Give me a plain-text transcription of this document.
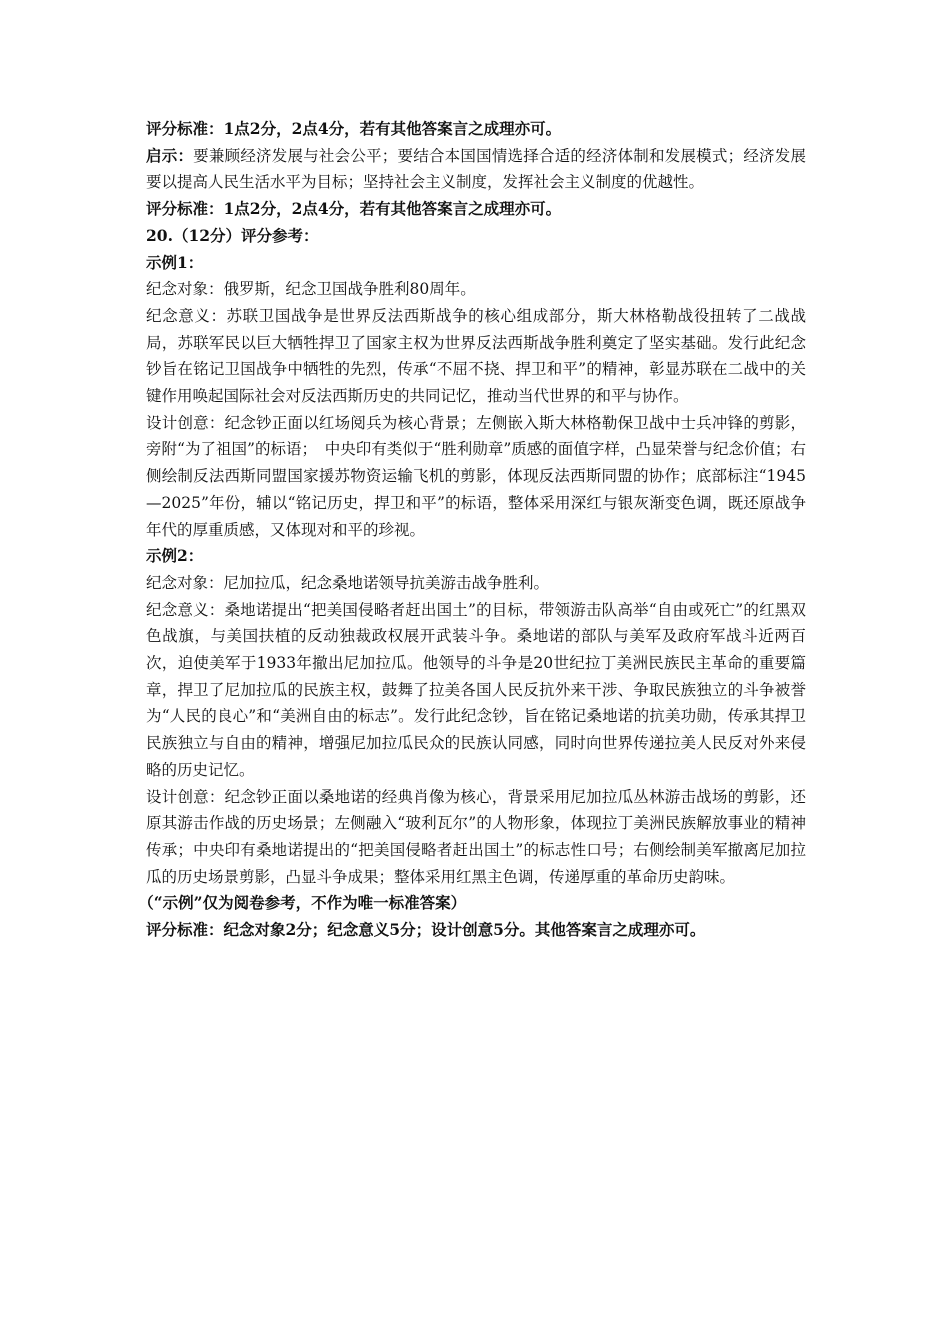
评分标准：1点2分，2点4分，若有其他答案言之成理亦可。

启示：要兼顾经济发展与社会公平；要结合本国国情选择合适的经济体制和发展模式；经济发展要以提高人民生活水平为目标；坚持社会主义制度，发挥社会主义制度的优越性。

评分标准：1点2分，2点4分，若有其他答案言之成理亦可。

20.（12分）评分参考：

示例1：

纪念对象：俄罗斯，纪念卫国战争胜利80周年。

纪念意义：苏联卫国战争是世界反法西斯战争的核心组成部分，斯大林格勒战役扭转了二战战局，苏联军民以巨大牺牲捍卫了国家主权为世界反法西斯战争胜利奠定了坚实基础。发行此纪念钞旨在铭记卫国战争中牺牲的先烈，传承“不屈不挠、捍卫和平”的精神，彰显苏联在二战中的关键作用唤起国际社会对反法西斯历史的共同记忆，推动当代世界的和平与协作。

设计创意：纪念钞正面以红场阅兵为核心背景；左侧嵌入斯大林格勒保卫战中士兵冲锋的剪影，旁附“为了祖国”的标语；　中央印有类似于“胜利勋章”质感的面值字样，凸显荣誉与纪念价值；右侧绘制反法西斯同盟国家援苏物资运输飞机的剪影，体现反法西斯同盟的协作；底部标注“1945—2025”年份，辅以“铭记历史，捍卫和平”的标语，整体采用深红与银灰渐变色调，既还原战争年代的厚重质感，又体现对和平的珍视。

示例2：

纪念对象：尼加拉瓜，纪念桑地诺领导抗美游击战争胜利。

纪念意义：桑地诺提出“把美国侵略者赶出国土”的目标，带领游击队高举“自由或死亡”的红黑双色战旗，与美国扶植的反动独裁政权展开武装斗争。桑地诺的部队与美军及政府军战斗近两百次，迫使美军于1933年撤出尼加拉瓜。他领导的斗争是20世纪拉丁美洲民族民主革命的重要篇章，捍卫了尼加拉瓜的民族主权，鼓舞了拉美各国人民反抗外来干涉、争取民族独立的斗争被誉为“人民的良心”和“美洲自由的标志”。发行此纪念钞，旨在铭记桑地诺的抗美功勋，传承其捍卫民族独立与自由的精神，增强尼加拉瓜民众的民族认同感，同时向世界传递拉美人民反对外来侵略的历史记忆。

设计创意：纪念钞正面以桑地诺的经典肖像为核心，背景采用尼加拉瓜丛林游击战场的剪影，还原其游击作战的历史场景；左侧融入“玻利瓦尔”的人物形象，体现拉丁美洲民族解放事业的精神传承；中央印有桑地诺提出的“把美国侵略者赶出国土”的标志性口号；右侧绘制美军撤离尼加拉瓜的历史场景剪影，凸显斗争成果；整体采用红黑主色调，传递厚重的革命历史韵味。

（“示例”仅为阅卷参考，不作为唯一标准答案）

评分标准：纪念对象2分；纪念意义5分；设计创意5分。其他答案言之成理亦可。
